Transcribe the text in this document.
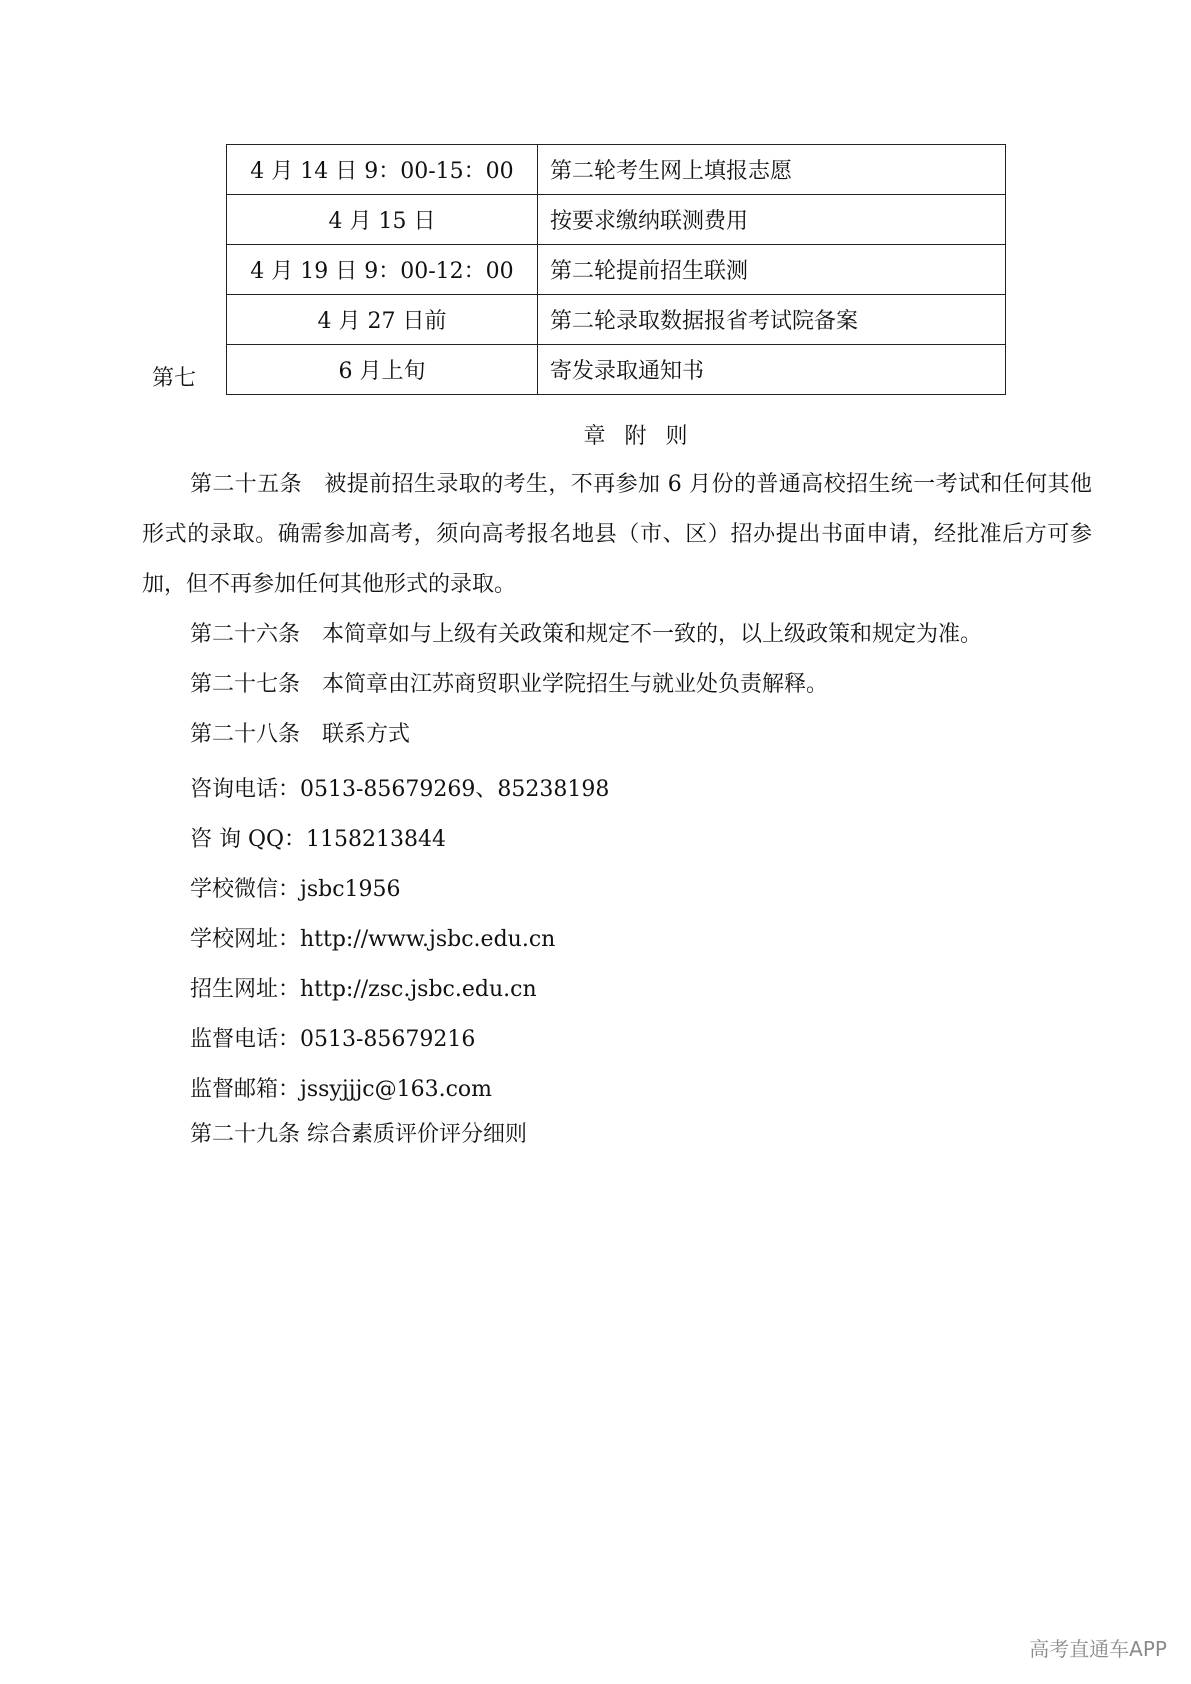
4 月 14 日 9：00-15：00	第二轮考生网上填报志愿
4 月 15 日	按要求缴纳联测费用
4 月 19 日 9：00-12：00	第二轮提前招生联测
4 月 27 日前	第二轮录取数据报省考试院备案
6 月上旬	寄发录取通知书
第七
章 附 则

第二十五条　被提前招生录取的考生，不再参加 6 月份的普通高校招生统一考试和任何其他形式的录取。确需参加高考，须向高考报名地县（市、区）招办提出书面申请，经批准后方可参加，但不再参加任何其他形式的录取。

第二十六条　本简章如与上级有关政策和规定不一致的，以上级政策和规定为准。

第二十七条　本简章由江苏商贸职业学院招生与就业处负责解释。

第二十八条　联系方式

咨询电话：0513-85679269、85238198
咨 询 QQ：1158213844
学校微信：jsbc1956
学校网址：http://www.jsbc.edu.cn
招生网址：http://zsc.jsbc.edu.cn
监督电话：0513-85679216
监督邮箱：jssyjjjc@163.com

第二十九条 综合素质评价评分细则

高考直通车APP
